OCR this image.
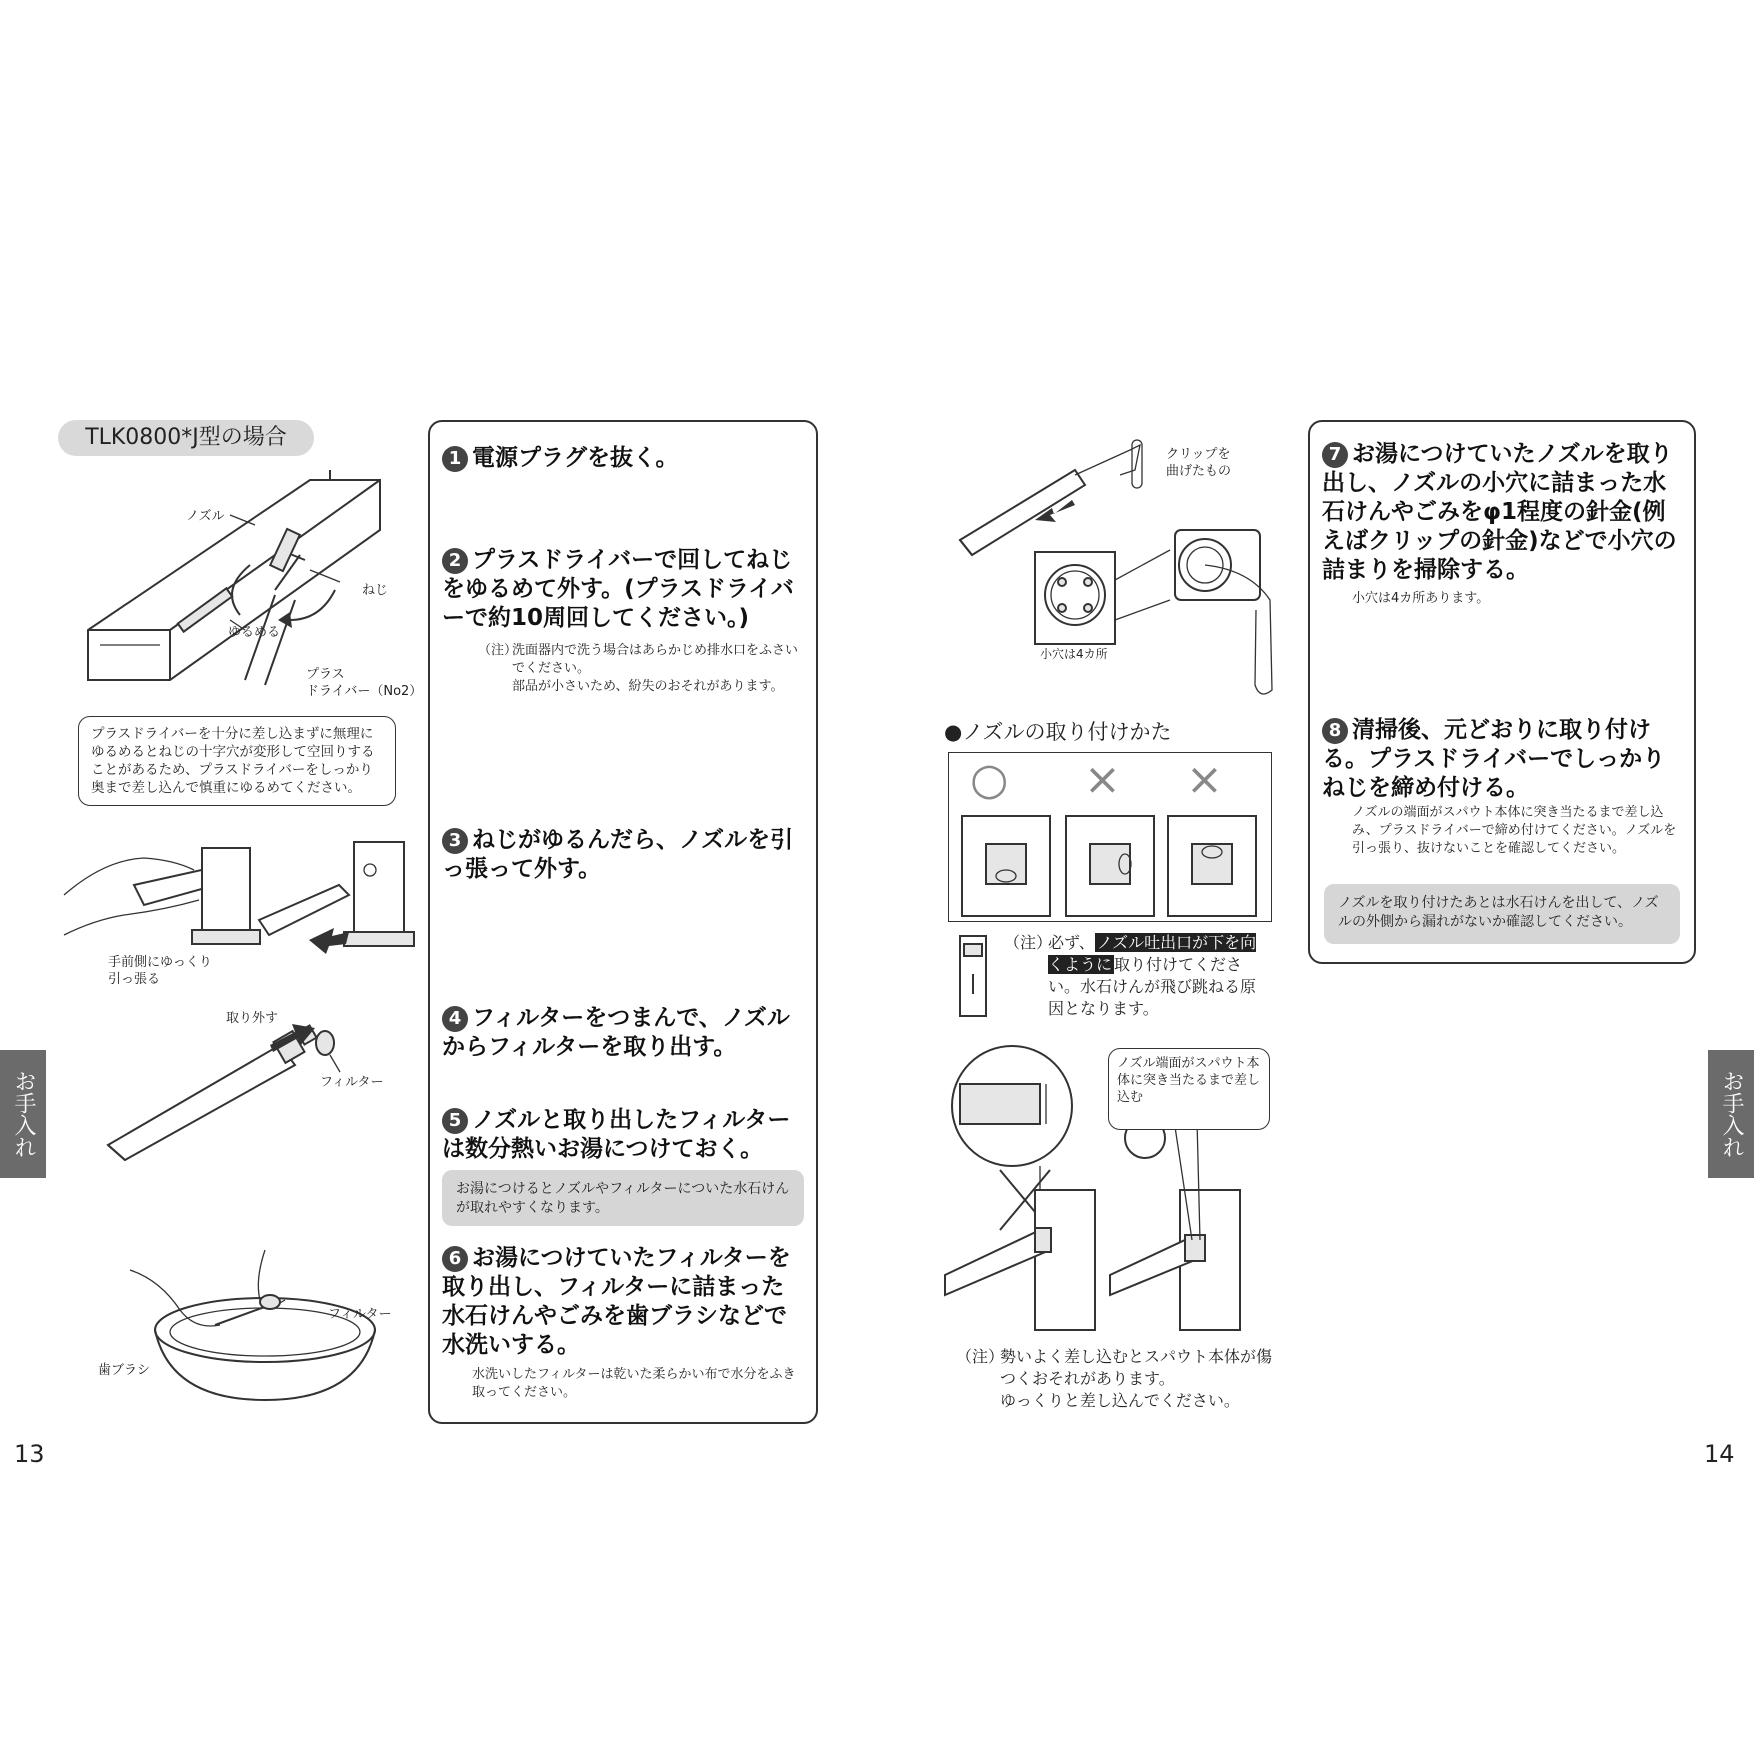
TLK0800*J型の場合
ノズル
ねじ
ゆるめる
プラス
ドライバー（No2）
プラスドライバーを十分に差し込まずに無理にゆるめるとねじの十字穴が変形して空回りすることがあるため、プラスドライバーをしっかり奥まで差し込んで慎重にゆるめてください。
手前側にゆっくり
引っ張る
取り外す
フィルター
フィルター
歯ブラシ
1 電源プラグを抜く。
2 プラスドライバーで回してねじをゆるめて外す。(プラスドライバーで約10周回してください。)
（注）
洗面器内で洗う場合はあらかじめ排水口をふさいでください。
部品が小さいため、紛失のおそれがあります。
3 ねじがゆるんだら、ノズルを引っ張って外す。
4 フィルターをつまんで、ノズルからフィルターを取り出す。
5 ノズルと取り出したフィルターは数分熱いお湯につけておく。
お湯につけるとノズルやフィルターについた水石けんが取れやすくなります。
6 お湯につけていたフィルターを取り出し、フィルターに詰まった水石けんやごみを歯ブラシなどで水洗いする。
水洗いしたフィルターは乾いた柔らかい布で水分をふき取ってください。
お手入れ
13
クリップを
曲げたもの
小穴は4カ所
●ノズルの取り付けかた
○ × ×
（注）
必ず、 ノズル吐出口が下を向くように 取り付けてください。水石けんが飛び跳ねる原因となります。
ノズル端面がスパウト本体に突き当たるまで差し込む
（注）
勢いよく差し込むとスパウト本体が傷つくおそれがあります。
ゆっくりと差し込んでください。
7 お湯につけていたノズルを取り出し、ノズルの小穴に詰まった水石けんやごみをφ1程度の針金(例えばクリップの針金)などで小穴の詰まりを掃除する。
小穴は4カ所あります。
8 清掃後、元どおりに取り付ける。プラスドライバーでしっかりねじを締め付ける。
ノズルの端面がスパウト本体に突き当たるまで差し込み、プラスドライバーで締め付けてください。ノズルを引っ張り、抜けないことを確認してください。
ノズルを取り付けたあとは水石けんを出して、ノズルの外側から漏れがないか確認してください。
お手入れ
14
